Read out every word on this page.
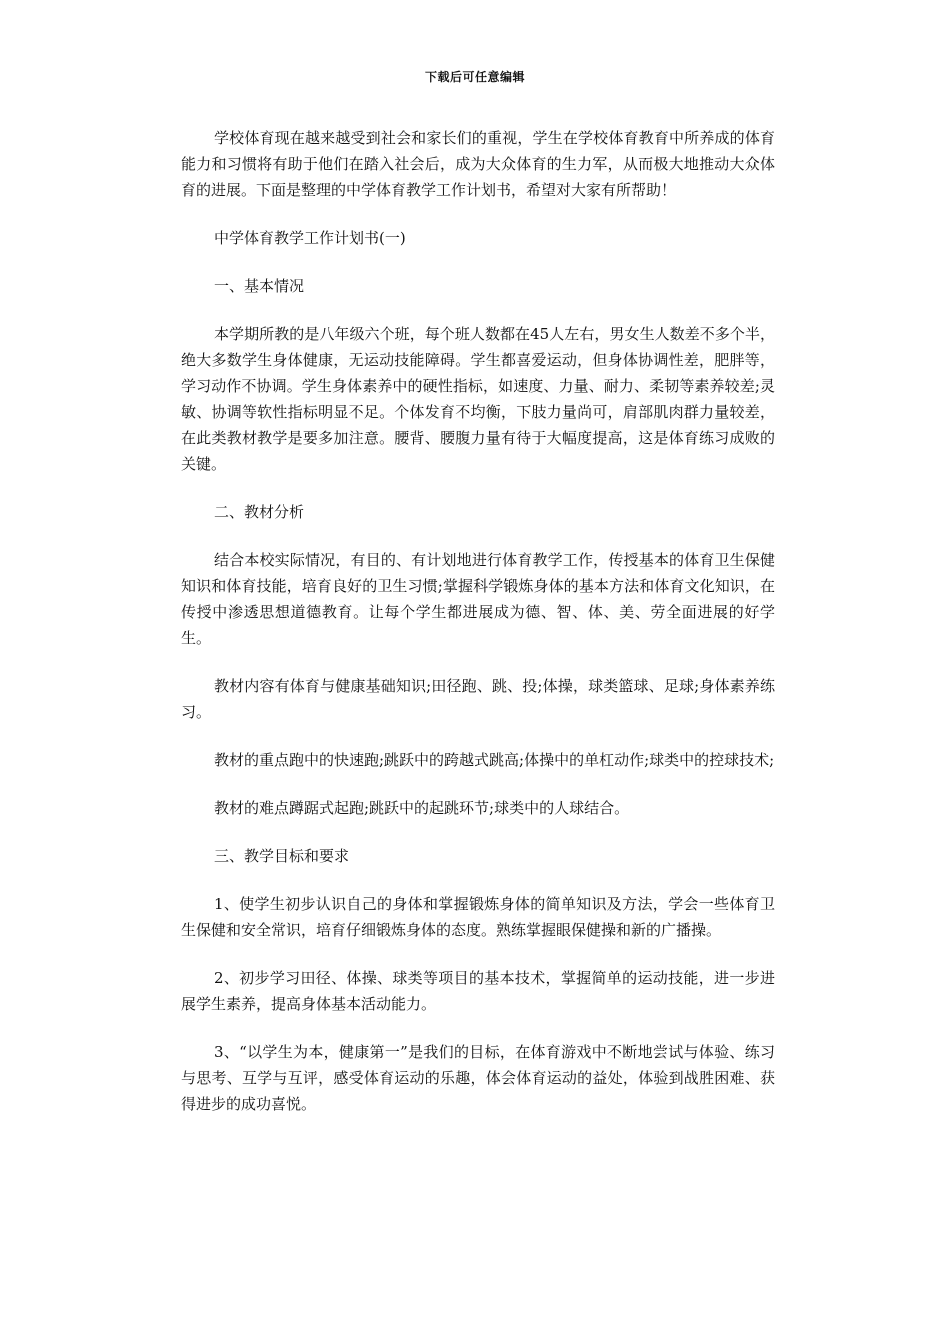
下载后可任意编辑

学校体育现在越来越受到社会和家长们的重视，学生在学校体育教育中所养成的体育能力和习惯将有助于他们在踏入社会后，成为大众体育的生力军，从而极大地推动大众体育的进展。下面是整理的中学体育教学工作计划书，希望对大家有所帮助！

中学体育教学工作计划书(一)

一、基本情况

本学期所教的是八年级六个班，每个班人数都在45人左右，男女生人数差不多个半，绝大多数学生身体健康，无运动技能障碍。学生都喜爱运动，但身体协调性差，肥胖等，学习动作不协调。学生身体素养中的硬性指标，如速度、力量、耐力、柔韧等素养较差;灵敏、协调等软性指标明显不足。个体发育不均衡，下肢力量尚可，肩部肌肉群力量较差，在此类教材教学是要多加注意。腰背、腰腹力量有待于大幅度提高，这是体育练习成败的关键。

二、教材分析

结合本校实际情况，有目的、有计划地进行体育教学工作，传授基本的体育卫生保健知识和体育技能，培育良好的卫生习惯;掌握科学锻炼身体的基本方法和体育文化知识，在传授中渗透思想道德教育。让每个学生都进展成为德、智、体、美、劳全面进展的好学生。

教材内容有体育与健康基础知识;田径跑、跳、投;体操，球类篮球、足球;身体素养练习。

教材的重点跑中的快速跑;跳跃中的跨越式跳高;体操中的单杠动作;球类中的控球技术;

教材的难点蹲踞式起跑;跳跃中的起跳环节;球类中的人球结合。

三、教学目标和要求

1、使学生初步认识自己的身体和掌握锻炼身体的简单知识及方法，学会一些体育卫生保健和安全常识，培育仔细锻炼身体的态度。熟练掌握眼保健操和新的广播操。

2、初步学习田径、体操、球类等项目的基本技术，掌握简单的运动技能，进一步进展学生素养，提高身体基本活动能力。

3、“以学生为本，健康第一”是我们的目标，在体育游戏中不断地尝试与体验、练习与思考、互学与互评，感受体育运动的乐趣，体会体育运动的益处，体验到战胜困难、获得进步的成功喜悦。
